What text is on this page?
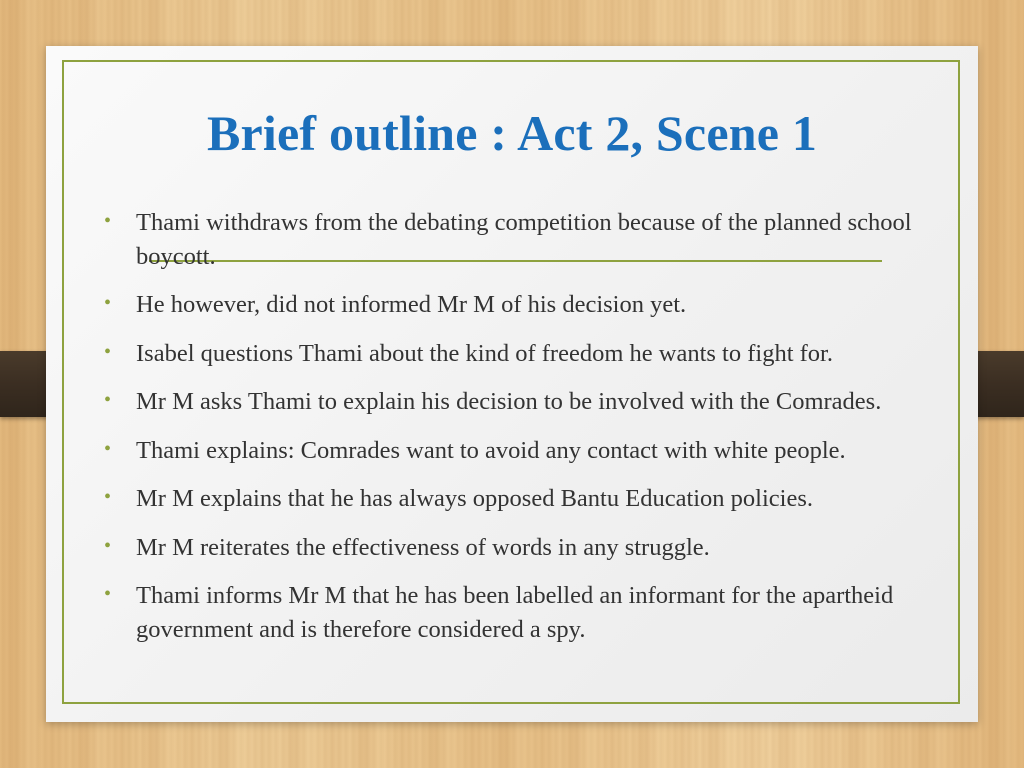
Brief outline : Act 2, Scene 1
• Thami withdraws from the debating competition because of the planned school boycott.
• He however, did not informed Mr M of his decision yet.
• Isabel questions Thami about the kind of freedom he wants to fight for.
• Mr M asks Thami to explain his decision to be involved with the Comrades.
• Thami explains: Comrades want to avoid any contact with white people.
• Mr M explains that he has always opposed Bantu Education policies.
• Mr M reiterates the effectiveness of words in any struggle.
• Thami informs Mr M that he has been labelled an informant for the apartheid government and is therefore considered a spy.
